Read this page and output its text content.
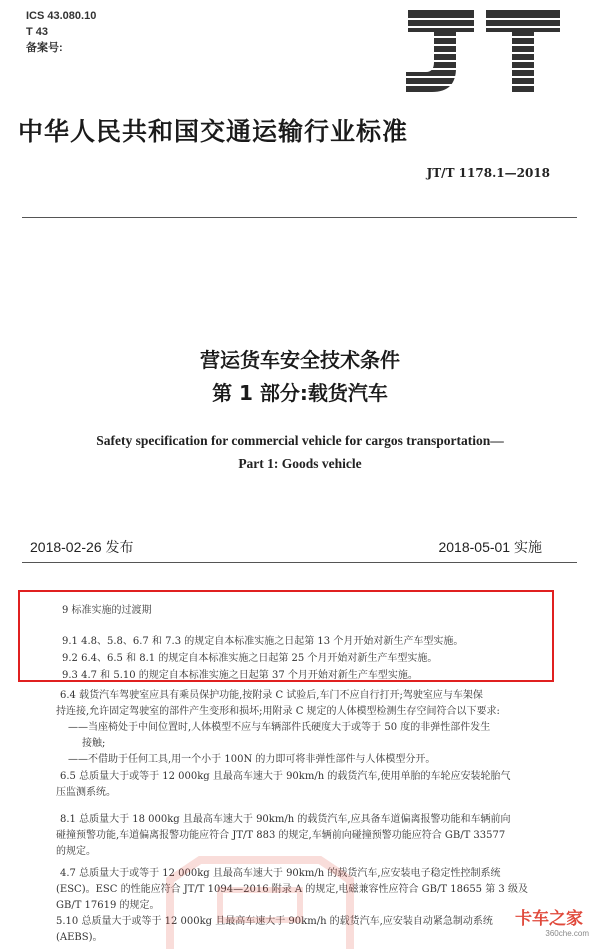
ICS 43.080.10
T 43
备案号:
中华人民共和国交通运输行业标准
JT/T 1178.1—2018
营运货车安全技术条件
第 1 部分:载货汽车
Safety specification for commercial vehicle for cargos transportation—
Part 1: Goods vehicle
2018-02-26 发布	2018-05-01 实施
9 标准实施的过渡期
9.1 4.8、5.8、6.7 和 7.3 的规定自本标准实施之日起第 13 个月开始对新生产车型实施。
9.2 6.4、6.5 和 8.1 的规定自本标准实施之日起第 25 个月开始对新生产车型实施。
9.3 4.7 和 5.10 的规定自本标准实施之日起第 37 个月开始对新生产车型实施。
6.4 载货汽车驾驶室应具有乘员保护功能,按附录 C 试验后,车门不应自行打开;驾驶室应与车架保
持连接,允许固定驾驶室的部件产生变形和损坏;用附录 C 规定的人体模型检测生存空间符合以下要求:
——当座椅处于中间位置时,人体模型不应与车辆部件氏硬度大于或等于 50 度的非弹性部件发生
接触;
——不借助于任何工具,用一个小于 100N 的力即可将非弹性部件与人体模型分开。
6.5 总质量大于或等于 12 000kg 且最高车速大于 90km/h 的载货汽车,使用单胎的车轮应安装轮胎气
压监测系统。
8.1 总质量大于 18 000kg 且最高车速大于 90km/h 的载货汽车,应具备车道偏离报警功能和车辆前向
碰撞预警功能,车道偏离报警功能应符合 JT/T 883 的规定,车辆前向碰撞预警功能应符合 GB/T 33577
的规定。
4.7 总质量大于或等于 12 000kg 且最高车速大于 90km/h 的载货汽车,应安装电子稳定性控制系统
(ESC)。ESC 的性能应符合 JT/T 1094—2016 附录 A 的规定,电磁兼容性应符合 GB/T 18655 第 3 级及
GB/T 17619 的规定。
5.10 总质量大于或等于 12 000kg 且最高车速大于 90km/h 的载货汽车,应安装自动紧急制动系统
(AEBS)。
卡车之家
360che.com
